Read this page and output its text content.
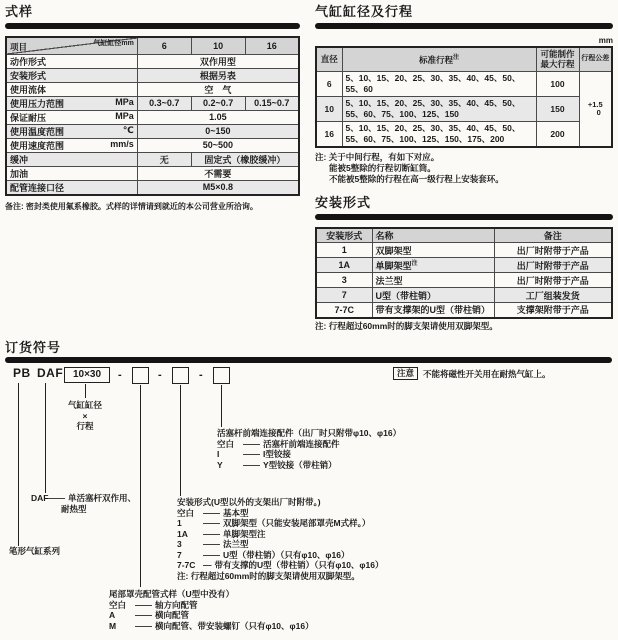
式样
气缸缸径mm
项目	6	10	16
动作形式	双作用型		
安装形式	根据另表		
使用流体	空　气		
使用压力范围 MPa	0.3~0.7	0.2~0.7	0.15~0.7
保证耐压 MPa	1.05		
使用温度范围 ℃	0~150		
使用速度范围 mm/s	50~500		
缓冲	无	固定式（橡胶缓冲）	
加油	不需要		
配管连接口径	M5×0.8		
备注: 密封类使用氟系橡胶。式样的详情请到就近的本公司营业所洽询。
气缸缸径及行程
mm
直径	标准行程$^注$	可能制作最大行程	行程公差
6	5、10、15、20、25、30、35、40、45、50、55、60	100	+1.5
0

10	5、10、15、20、25、30、35、40、45、50、55、60、75、100、125、150	150	
16	5、10、15、20、25、30、35、40、45、50、55、60、75、100、125、150、175、200	200	
注: 关于中间行程，有如下对应。
能被5整除的行程切断缸筒。
不能被5整除的行程在高一级行程上安装套环。
安装形式
安装形式	名称	备注
1	双脚架型	出厂时附带于产品
1A	单脚架型$^注$	出厂时附带于产品
3	法兰型	出厂时附带于产品
7	U型（带柱销）	工厂组装发货
7-7C	带有支撑架的U型（带柱销）	支撑架附带于产品
注: 行程超过60mm时的脚支架请使用双脚架型。
订货符号
PB DAF 10×30	-	-	-	注意	不能将磁性开关用在耐热气缸上。
气缸缸径
×
行程
活塞杆前端连接配件（出厂时只附带φ10、φ16）
空白	—— 活塞杆前端连接配件
I	—— I型铰接
Y	—— Y型铰接（带柱销）
安装形式(U型以外的支架出厂时附带。)
空白	—— 基本型
1	—— 双脚架型（只能安装尾部罩壳M式样。）
1A	—— 单脚架型注
3	—— 法兰型
7	—— U型（带柱销）（只有φ10、φ16）
7-7C — 带有支撑的U型（带柱销）（只有φ10、φ16）
注: 行程超过60mm时的脚支架请使用双脚架型。
DAF —— 单活塞杆双作用、
耐热型
笔形气缸系列
尾部罩壳配管式样（U型中没有）
空白	—— 轴方向配管
A	—— 横向配管
M	—— 横向配管、带安装螺钉（只有φ10、φ16）
